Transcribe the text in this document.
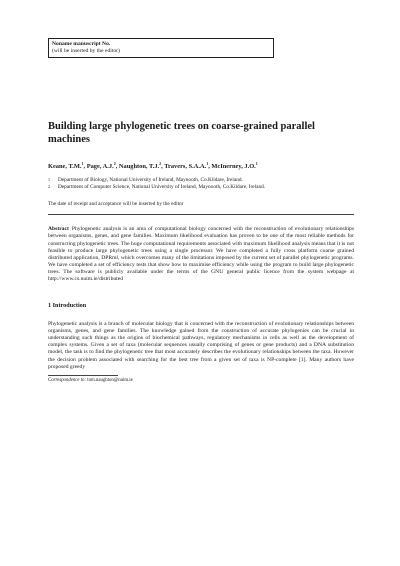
Noname manuscript No.
(will be inserted by the editor)
Building large phylogenetic trees on coarse-grained parallel machines
Keane, T.M.$^1$, Page, A.J.$^2$, Naughton, T.J.$^2$, Travers, S.A.A.$^1$, McInerney, J.O.$^1$
1	Department of Biology, National University of Ireland, Maynooth, Co.Kildare, Ireland.
2	Department of Computer Science, National University of Ireland, Maynooth, Co.Kildare, Ireland.
The date of receipt and acceptance will be inserted by the editor
Abstract Phylogenetic analysis is an area of computational biology concerned with the reconstruction of evolutionary relationships between organisms, genes, and gene families. Maximum likelihood evaluation has proven to be one of the most reliable methods for constructing phylogenetic trees. The huge computational requirements associated with maximum likelihood analysis means that it is not feasible to produce large phylogenetic trees using a single processor. We have completed a fully cross platform coarse grained distributed application, DPRml, which overcomes many of the limitations imposed by the current set of parallel phylogenetic programs. We have completed a set of efficiency tests that show how to maximise efficiency while using the program to build large phylogenetic trees. The software is publicly available under the terms of the GNU general public licence from the system webpage at http://www.cs.nuim.ie/distributed
1 Introduction
Phylogenetic analysis is a branch of molecular biology that is concerned with the reconstruction of evolutionary relationships between organisms, genes, and gene families. The knowledge gained from the construction of accurate phylogenies can be crucial in understanding such things as the origins of biochemical pathways, regulatory mechanisms in cells as well as the development of complex systems. Given a set of taxa (molecular sequences usually comprising of genes or gene products) and a DNA substitution model, the task is to find the phylogenetic tree that most accurately describes the evolutionary relationships between the taxa. However the decision problem associated with searching for the best tree from a given set of taxa is NP-complete [1]. Many authors have proposed greedy
Correspondence to: tom.naughton@nuim.ie
